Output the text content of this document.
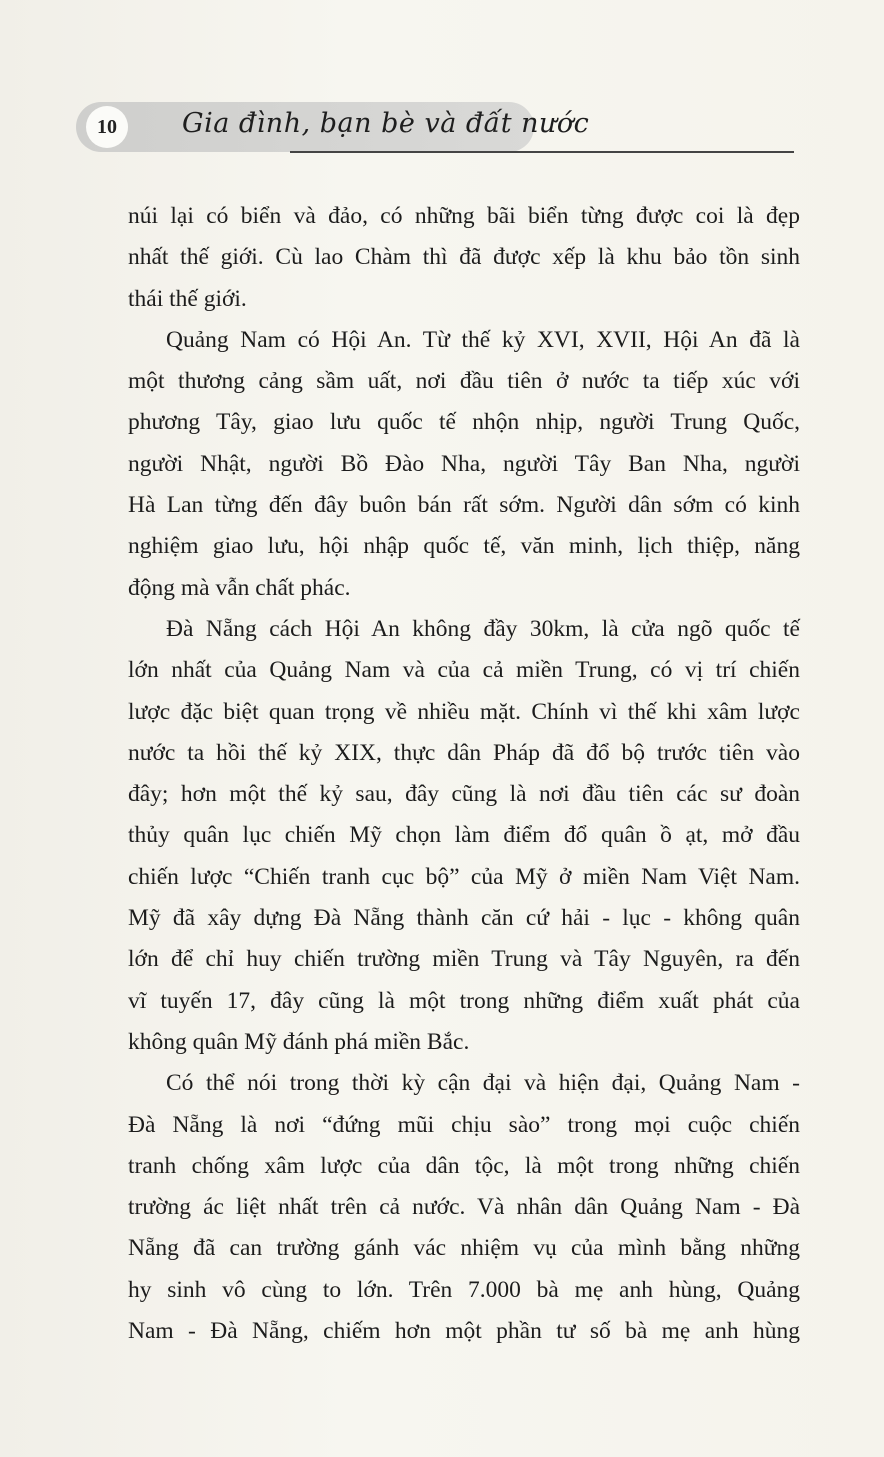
10	Gia đình, bạn bè và đất nước
núi lại có biển và đảo, có những bãi biển từng được coi là đẹp
nhất thế giới. Cù lao Chàm thì đã được xếp là khu bảo tồn sinh
thái thế giới.
Quảng Nam có Hội An. Từ thế kỷ XVI, XVII, Hội An đã là
một thương cảng sầm uất, nơi đầu tiên ở nước ta tiếp xúc với
phương Tây, giao lưu quốc tế nhộn nhịp, người Trung Quốc,
người Nhật, người Bồ Đào Nha, người Tây Ban Nha, người
Hà Lan từng đến đây buôn bán rất sớm. Người dân sớm có kinh
nghiệm giao lưu, hội nhập quốc tế, văn minh, lịch thiệp, năng
động mà vẫn chất phác.
Đà Nẵng cách Hội An không đầy 30km, là cửa ngõ quốc tế
lớn nhất của Quảng Nam và của cả miền Trung, có vị trí chiến
lược đặc biệt quan trọng về nhiều mặt. Chính vì thế khi xâm lược
nước ta hồi thế kỷ XIX, thực dân Pháp đã đổ bộ trước tiên vào
đây; hơn một thế kỷ sau, đây cũng là nơi đầu tiên các sư đoàn
thủy quân lục chiến Mỹ chọn làm điểm đổ quân ồ ạt, mở đầu
chiến lược “Chiến tranh cục bộ” của Mỹ ở miền Nam Việt Nam.
Mỹ đã xây dựng Đà Nẵng thành căn cứ hải - lục - không quân
lớn để chỉ huy chiến trường miền Trung và Tây Nguyên, ra đến
vĩ tuyến 17, đây cũng là một trong những điểm xuất phát của
không quân Mỹ đánh phá miền Bắc.
Có thể nói trong thời kỳ cận đại và hiện đại, Quảng Nam -
Đà Nẵng là nơi “đứng mũi chịu sào” trong mọi cuộc chiến
tranh chống xâm lược của dân tộc, là một trong những chiến
trường ác liệt nhất trên cả nước. Và nhân dân Quảng Nam - Đà
Nẵng đã can trường gánh vác nhiệm vụ của mình bằng những
hy sinh vô cùng to lớn. Trên 7.000 bà mẹ anh hùng, Quảng
Nam - Đà Nẵng, chiếm hơn một phần tư số bà mẹ anh hùng
